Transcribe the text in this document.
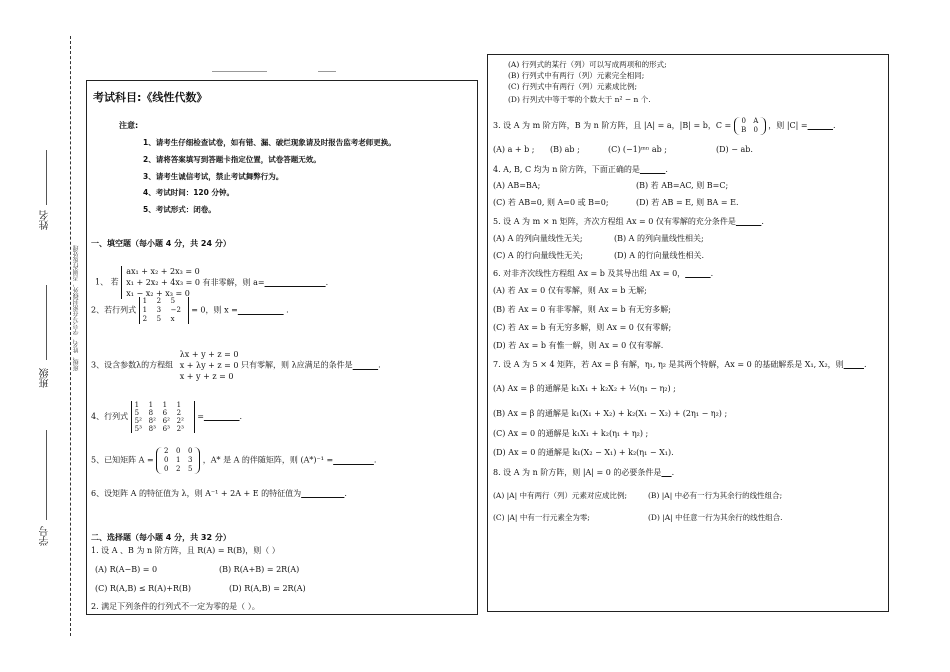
姓名
班级
学号
班级、姓名、学号写在密封线外，否则作废处理
考试科目:《线性代数》
注意:
1、请考生仔细检查试卷，如有错、漏、破烂现象请及时报告监考老师更换。
2、请将答案填写到答题卡指定位置，试卷答题无效。
3、请考生诚信考试，禁止考试舞弊行为。
4、考试时间：120 分钟。
5、考试形式：闭卷。
一、填空题（每小题 4 分，共 24 分）
1、 若
ax₁ + x₂ + 2x₃ = 0
x₁ + 2x₂ + 4x₃ = 0 有非零解，则 a=	.
x₁ − x₂ + x₃ = 0
2、若行列式
1	2	5
1	3	−2
2	5	x
= 0，则 x =	.
3、设含参数λ的方程组
λx + y + z = 0
x + λy + z = 0
x + y + z = 0
只有零解，则 λ应满足的条件是	.
4、行列式
1	1	1	1
5	8	6	2
5² 8² 6² 2²
5³ 8³ 6³ 2³
=	.
5、已知矩阵 A =
2	0	0
0	1	3
0	2	5
，A* 是 A 的伴随矩阵，则 (A*)⁻¹ =	.
6、设矩阵 A 的特征值为 λ，则 A⁻¹ + 2A + E 的特征值为	.
二、选择题（每小题 4 分，共 32 分）
1. 设 A 、B 为 n 阶方阵，且 R(A) = R(B)，则（ ）
(A) R(A−B) = 0	(B) R(A+B) = 2R(A)
(C) R(A,B) ≤ R(A)+R(B)	(D) R(A,B) = 2R(A)
2. 满足下列条件的行列式不一定为零的是（ ）。
(A) 行列式的某行（列）可以写成两项和的形式;
(B) 行列式中有两行（列）元素完全相同;
(C) 行列式中有两行（列）元素成比例;
(D) 行列式中等于零的个数大于 n² − n 个.
3. 设 A 为 m 阶方阵，B 为 n 阶方阵，且 |A| = a，|B| = b，C =	0	A
B	0	，则 |C| =	.
(A) a + b ; (B) ab ;	(C) (−1)ᵐⁿ ab ;	(D) − ab.
4. A, B, C 均为 n 阶方阵，下面正确的是	.
(A) AB=BA;	(B) 若 AB=AC, 则 B=C;
(C) 若 AB=0, 则 A=0 或 B=0;	(D) 若 AB = E, 则 BA = E.
5. 设 A 为 m × n 矩阵，齐次方程组 Ax = 0 仅有零解的充分条件是	.
(A) A 的列向量线性无关;	(B) A 的列向量线性相关;
(C) A 的行向量线性无关;	(D) A 的行向量线性相关.
6. 对非齐次线性方程组 Ax = b 及其导出组 Ax = 0，	.
(A) 若 Ax = 0 仅有零解，则 Ax = b 无解;
(B) 若 Ax = 0 有非零解，则 Ax = b 有无穷多解;
(C) 若 Ax = b 有无穷多解，则 Ax = 0 仅有零解;
(D) 若 Ax = b 有惟一解，则 Ax = 0 仅有零解.
7. 设 A 为 5 × 4 矩阵，若 Ax = β 有解，η₁, η₂ 是其两个特解，Ax = 0 的基础解系是 X₁, X₂，则	.
(A) Ax = β 的通解是 k₁X₁ + k₂X₂ + ½(η₁ − η₂) ;
(B) Ax = β 的通解是 k₁(X₁ + X₂) + k₂(X₁ − X₂) + (2η₁ − η₂) ;
(C) Ax = 0 的通解是 k₁X₁ + k₂(η₁ + η₂) ;
(D) Ax = 0 的通解是 k₁(X₂ − X₁) + k₂(η₁ − X₁).
8. 设 A 为 n 阶方阵，则 |A| = 0 的必要条件是 .
(A) |A| 中有两行（列）元素对应成比例;	(B) |A| 中必有一行为其余行的线性组合;
(C) |A| 中有一行元素全为零;	(D) |A| 中任意一行为其余行的线性组合.
